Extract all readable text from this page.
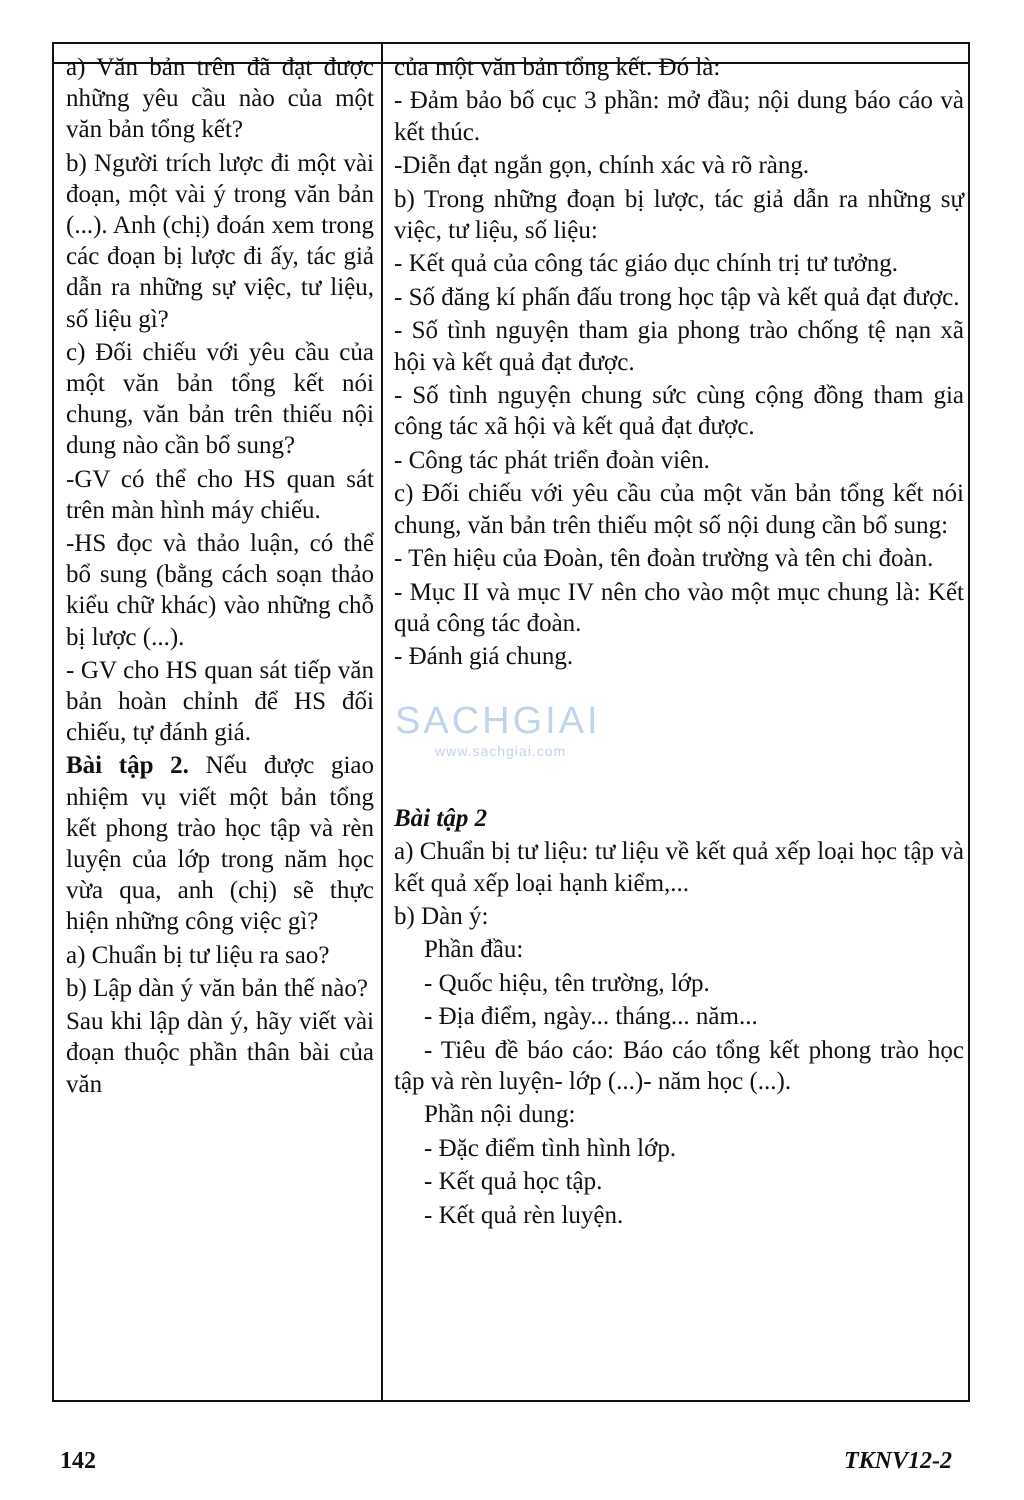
a) Văn bản trên đã đạt được những yêu cầu nào của một văn bản tổng kết?

b) Người trích lược đi một vài đoạn, một vài ý trong văn bản (...). Anh (chị) đoán xem trong các đoạn bị lược đi ấy, tác giả dẫn ra những sự việc, tư liệu, số liệu gì?

c) Đối chiếu với yêu cầu của một văn bản tổng kết nói chung, văn bản trên thiếu nội dung nào cần bổ sung?

-GV có thể cho HS quan sát trên màn hình máy chiếu.

-HS đọc và thảo luận, có thể bổ sung (bằng cách soạn thảo kiểu chữ khác) vào những chỗ bị lược (...).

- GV cho HS quan sát tiếp văn bản hoàn chỉnh để HS đối chiếu, tự đánh giá.

Bài tập 2. Nếu được giao nhiệm vụ viết một bản tổng kết phong trào học tập và rèn luyện của lớp trong năm học vừa qua, anh (chị) sẽ thực hiện những công việc gì?

a) Chuẩn bị tư liệu ra sao?

b) Lập dàn ý văn bản thế nào?

Sau khi lập dàn ý, hãy viết vài đoạn thuộc phần thân bài của văn

của một văn bản tổng kết. Đó là:

- Đảm bảo bố cục 3 phần: mở đầu; nội dung báo cáo và kết thúc.

-Diễn đạt ngắn gọn, chính xác và rõ ràng.

b) Trong những đoạn bị lược, tác giả dẫn ra những sự việc, tư liệu, số liệu:

- Kết quả của công tác giáo dục chính trị tư tưởng.

- Số đăng kí phấn đấu trong học tập và kết quả đạt được.

- Số tình nguyện tham gia phong trào chống tệ nạn xã hội và kết quả đạt được.

- Số tình nguyện chung sức cùng cộng đồng tham gia công tác xã hội và kết quả đạt được.

- Công tác phát triển đoàn viên.

c) Đối chiếu với yêu cầu của một văn bản tổng kết nói chung, văn bản trên thiếu một số nội dung cần bổ sung:

- Tên hiệu của Đoàn, tên đoàn trường và tên chi đoàn.

- Mục II và mục IV nên cho vào một mục chung là: Kết quả công tác đoàn.

- Đánh giá chung.

Bài tập 2

a) Chuẩn bị tư liệu: tư liệu về kết quả xếp loại học tập và kết quả xếp loại hạnh kiểm,...

b) Dàn ý:

Phần đầu:

- Quốc hiệu, tên trường, lớp.

- Địa điểm, ngày... tháng... năm...

- Tiêu đề báo cáo: Báo cáo tổng kết phong trào học tập và rèn luyện- lớp (...)- năm học (...).

Phần nội dung:

- Đặc điểm tình hình lớp.

- Kết quả học tập.

- Kết quả rèn luyện.

SACHGIAI
www.sachgiai.com
142	TKNV12-2
